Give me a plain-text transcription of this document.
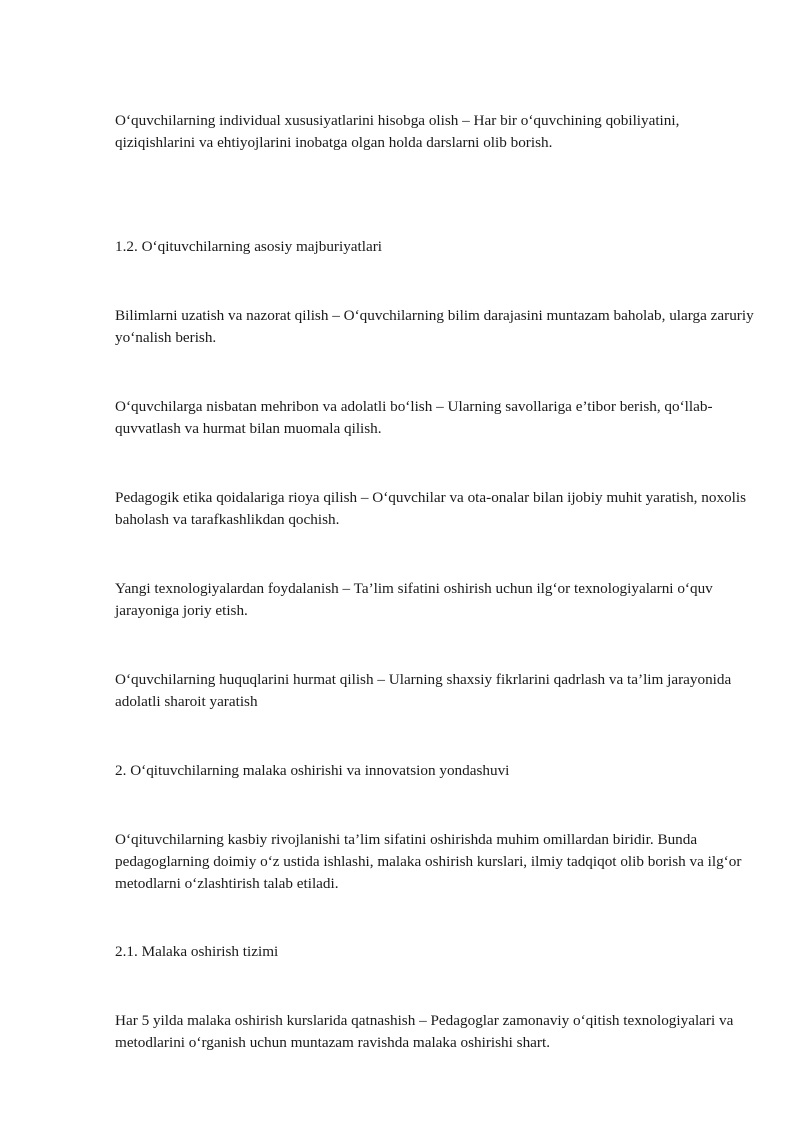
O‘quvchilarning individual xususiyatlarini hisobga olish – Har bir o‘quvchining qobiliyatini, qiziqishlarini va ehtiyojlarini inobatga olgan holda darslarni olib borish.

1.2. O‘qituvchilarning asosiy majburiyatlari

Bilimlarni uzatish va nazorat qilish – O‘quvchilarning bilim darajasini muntazam baholab, ularga zaruriy yo‘nalish berish.

O‘quvchilarga nisbatan mehribon va adolatli bo‘lish – Ularning savollariga e’tibor berish, qo‘llab-quvvatlash va hurmat bilan muomala qilish.

Pedagogik etika qoidalariga rioya qilish – O‘quvchilar va ota-onalar bilan ijobiy muhit yaratish, noxolis baholash va tarafkashlikdan qochish.

Yangi texnologiyalardan foydalanish – Ta’lim sifatini oshirish uchun ilg‘or texnologiyalarni o‘quv jarayoniga joriy etish.

O‘quvchilarning huquqlarini hurmat qilish – Ularning shaxsiy fikrlarini qadrlash va ta’lim jarayonida adolatli sharoit yaratish

2. O‘qituvchilarning malaka oshirishi va innovatsion yondashuvi

O‘qituvchilarning kasbiy rivojlanishi ta’lim sifatini oshirishda muhim omillardan biridir. Bunda pedagoglarning doimiy o‘z ustida ishlashi, malaka oshirish kurslari, ilmiy tadqiqot olib borish va ilg‘or metodlarni o‘zlashtirish talab etiladi.

2.1. Malaka oshirish tizimi

Har 5 yilda malaka oshirish kurslarida qatnashish – Pedagoglar zamonaviy o‘qitish texnologiyalari va metodlarini o‘rganish uchun muntazam ravishda malaka oshirishi shart.
